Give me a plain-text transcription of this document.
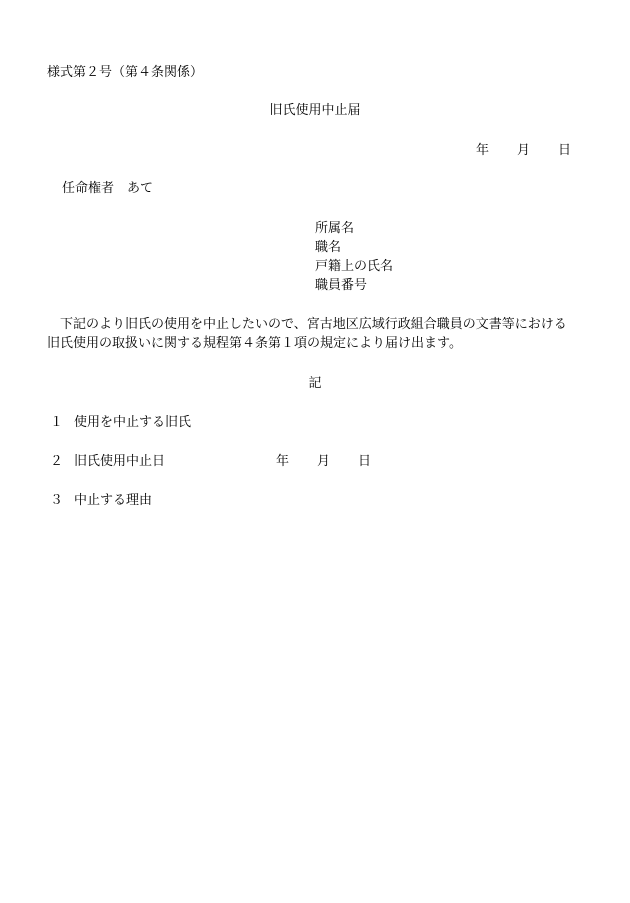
様式第２号（第４条関係）
旧氏使用中止届
年 月 日
任命権者　あて
所属名
職名
戸籍上の氏名
職員番号
下記のより旧氏の使用を中止したいので、宮古地区広域行政組合職員の文書等における
旧氏使用の取扱いに関する規程第４条第１項の規定により届け出ます。
記
１ 使用を中止する旧氏
２ 旧氏使用中止日	年 月 日
３ 中止する理由
